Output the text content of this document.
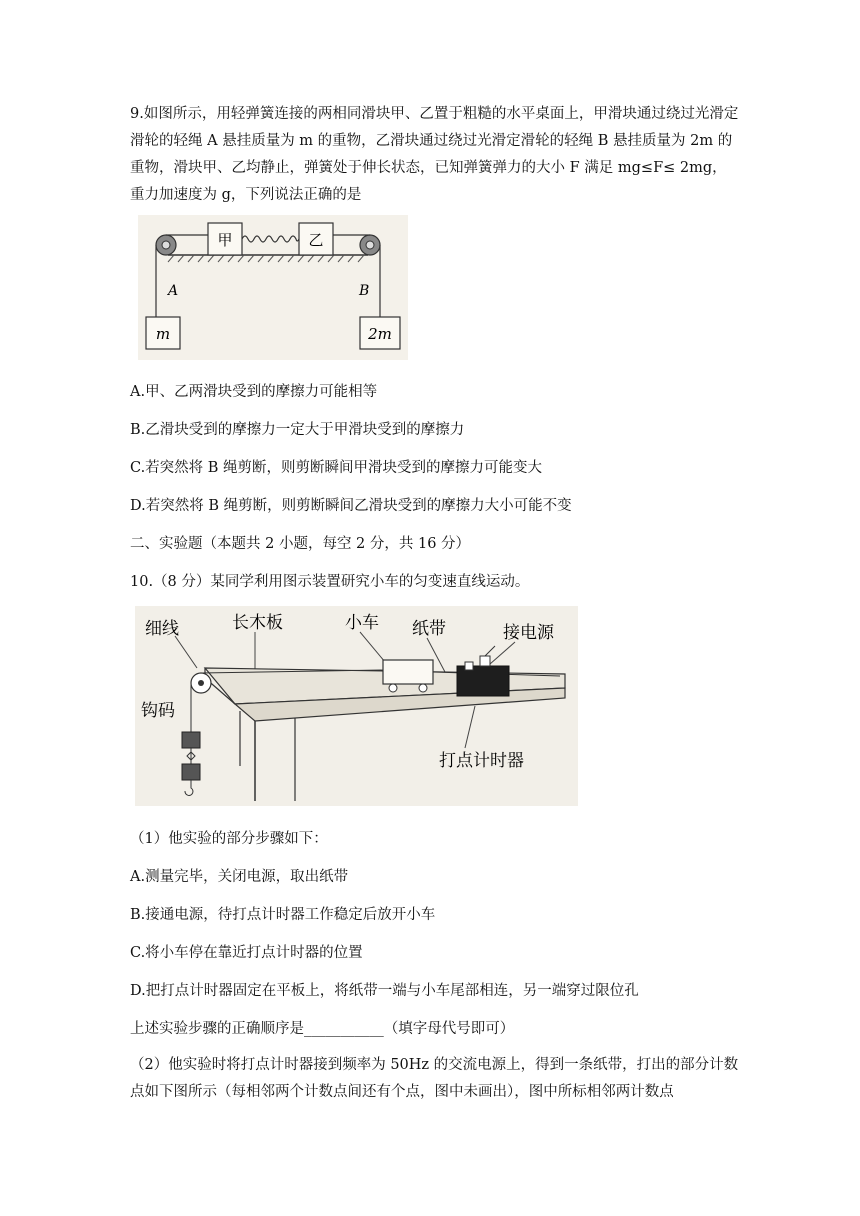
9.如图所示，用轻弹簧连接的两相同滑块甲、乙置于粗糙的水平桌面上，甲滑块通过绕过光滑定滑轮的轻绳 A 悬挂质量为 m 的重物，乙滑块通过绕过光滑定滑轮的轻绳 B 悬挂质量为 2m 的重物，滑块甲、乙均静止，弹簧处于伸长状态，已知弹簧弹力的大小 F 满足 mg≤F≤ 2mg，重力加速度为 g，下列说法正确的是

甲	乙
A	B
m	2m

A.甲、乙两滑块受到的摩擦力可能相等

B.乙滑块受到的摩擦力一定大于甲滑块受到的摩擦力

C.若突然将 B 绳剪断，则剪断瞬间甲滑块受到的摩擦力可能变大

D.若突然将 B 绳剪断，则剪断瞬间乙滑块受到的摩擦力大小可能不变

二、实验题（本题共 2 小题，每空 2 分，共 16 分）

10.（8 分）某同学利用图示装置研究小车的匀变速直线运动。

细线	长木板	小车 纸带	接电源
钩码
打点计时器

（1）他实验的部分步骤如下：

A.测量完毕，关闭电源，取出纸带

B.接通电源，待打点计时器工作稳定后放开小车

C.将小车停在靠近打点计时器的位置

D.把打点计时器固定在平板上，将纸带一端与小车尾部相连，另一端穿过限位孔

上述实验步骤的正确顺序是___________（填字母代号即可）

（2）他实验时将打点计时器接到频率为 50Hz 的交流电源上，得到一条纸带，打出的部分计数点如下图所示（每相邻两个计数点间还有个点，图中未画出），图中所标相邻两计数点
